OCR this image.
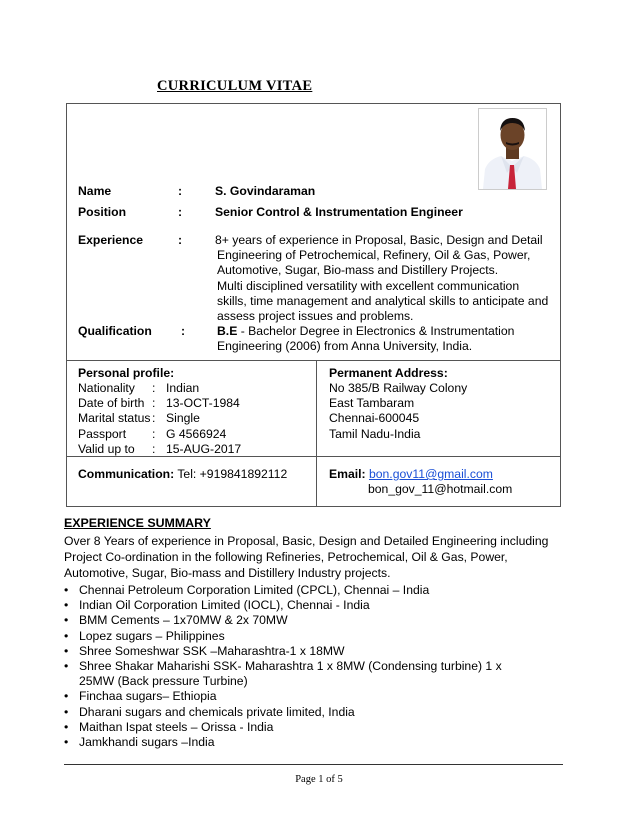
CURRICULUM VITAE
Name	:	S. Govindaraman
Position	:	Senior Control & Instrumentation Engineer
Experience	:	8+ years of experience in Proposal, Basic, Design and Detail
Engineering of Petrochemical, Refinery, Oil & Gas, Power,
Automotive, Sugar, Bio-mass and Distillery Projects.
Multi disciplined versatility with excellent communication
skills, time management and analytical skills to anticipate and
assess project issues and problems.
Qualification :	B.E - Bachelor Degree in Electronics & Instrumentation
Engineering (2006) from Anna University, India.
Personal profile:
Nationality : Indian
Date of birth : 13-OCT-1984
Marital status : Single
Passport : G 4566924
Valid up to : 15-AUG-2017
Permanent Address:
No 385/B Railway Colony
East Tambaram
Chennai-600045
Tamil Nadu-India
Communication: Tel: +919841892112	Email: bon.gov11@gmail.com
bon_gov_11@hotmail.com
EXPERIENCE SUMMARY
Over 8 Years of experience in Proposal, Basic, Design and Detailed Engineering including Project Co-ordination in the following Refineries, Petrochemical, Oil & Gas, Power, Automotive, Sugar, Bio-mass and Distillery Industry projects.
• Chennai Petroleum Corporation Limited (CPCL), Chennai – India
• Indian Oil Corporation Limited (IOCL), Chennai - India
• BMM Cements – 1x70MW & 2x 70MW
• Lopez sugars – Philippines
• Shree Someshwar SSK –Maharashtra-1 x 18MW
• Shree Shakar Maharishi SSK- Maharashtra 1 x 8MW (Condensing turbine) 1 x 25MW (Back pressure Turbine)
• Finchaa sugars– Ethiopia
• Dharani sugars and chemicals private limited, India
• Maithan Ispat steels – Orissa - India
• Jamkhandi sugars –India
Page 1 of 5
